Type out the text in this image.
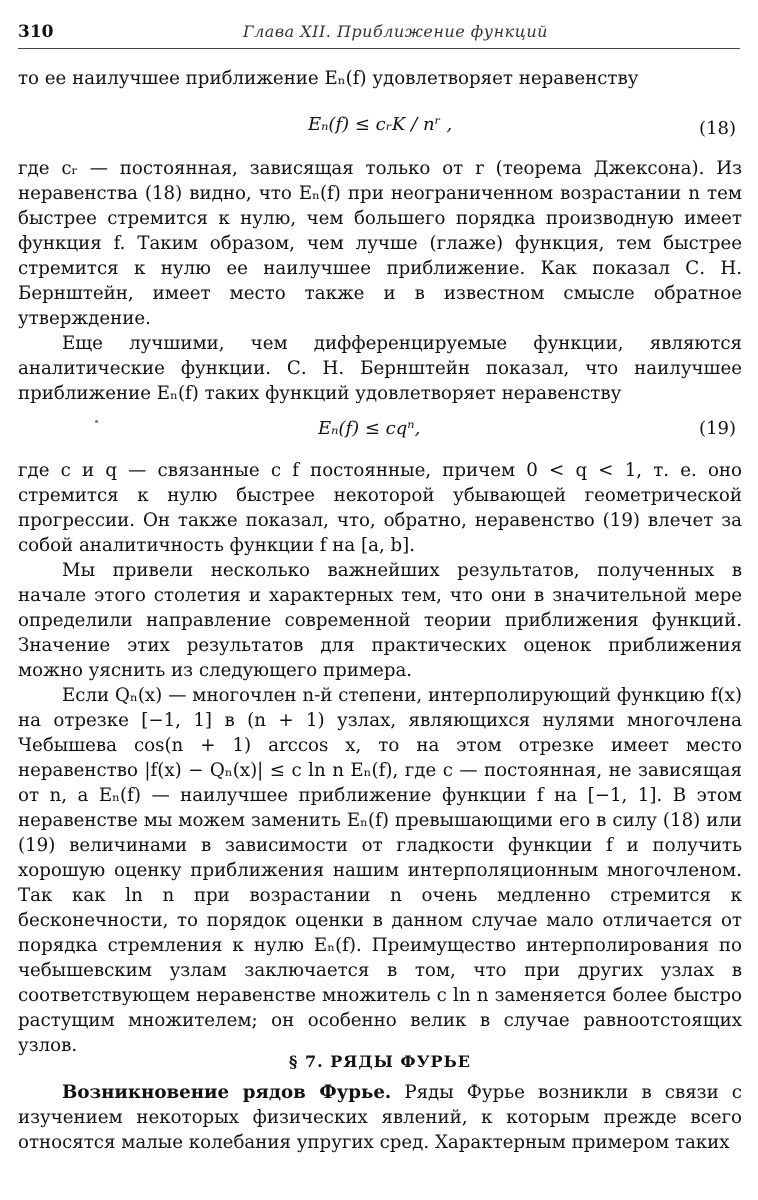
310	Глава XII. Приближение функций

то ее наилучшее приближение Eₙ(f) удовлетворяет неравенству

Eₙ(f) ≤ cᵣK / nʳ ,	(18)

где cᵣ — постоянная, зависящая только от r (теорема Джексона). Из неравенства (18) видно, что Eₙ(f) при неограниченном возрастании n тем быстрее стремится к нулю, чем большего порядка производную имеет функция f. Таким образом, чем лучше (глаже) функция, тем быстрее стремится к нулю ее наилучшее приближение. Как показал С. Н. Бернштейн, имеет место также и в известном смысле обратное утверждение.

Еще лучшими, чем дифференцируемые функции, являются аналитические функции. С. Н. Бернштейн показал, что наилучшее приближение Eₙ(f) таких функций удовлетворяет неравенству

Eₙ(f) ≤ cqⁿ,	(19)

где c и q — связанные с f постоянные, причем 0 < q < 1, т. е. оно стремится к нулю быстрее некоторой убывающей геометрической прогрессии. Он также показал, что, обратно, неравенство (19) влечет за собой аналитичность функции f на [a, b].

Мы привели несколько важнейших результатов, полученных в начале этого столетия и характерных тем, что они в значительной мере определили направление современной теории приближения функций. Значение этих результатов для практических оценок приближения можно уяснить из следующего примера.

Если Qₙ(x) — многочлен n-й степени, интерполирующий функцию f(x) на отрезке [−1, 1] в (n + 1) узлах, являющихся нулями многочлена Чебышева cos(n + 1) arccos x, то на этом отрезке имеет место неравенство |f(x) − Qₙ(x)| ≤ c ln n Eₙ(f), где c — постоянная, не зависящая от n, а Eₙ(f) — наилучшее приближение функции f на [−1, 1]. В этом неравенстве мы можем заменить Eₙ(f) превышающими его в силу (18) или (19) величинами в зависимости от гладкости функции f и получить хорошую оценку приближения нашим интерполяционным многочленом. Так как ln n при возрастании n очень медленно стремится к бесконечности, то порядок оценки в данном случае мало отличается от порядка стремления к нулю Eₙ(f). Преимущество интерполирования по чебышевским узлам заключается в том, что при других узлах в соответствующем неравенстве множитель c ln n заменяется более быстро растущим множителем; он особенно велик в случае равноотстоящих узлов.

§ 7. РЯДЫ ФУРЬЕ

Возникновение рядов Фурье. Ряды Фурье возникли в связи с изучением некоторых физических явлений, к которым прежде всего относятся малые колебания упругих сред. Характерным примером таких
